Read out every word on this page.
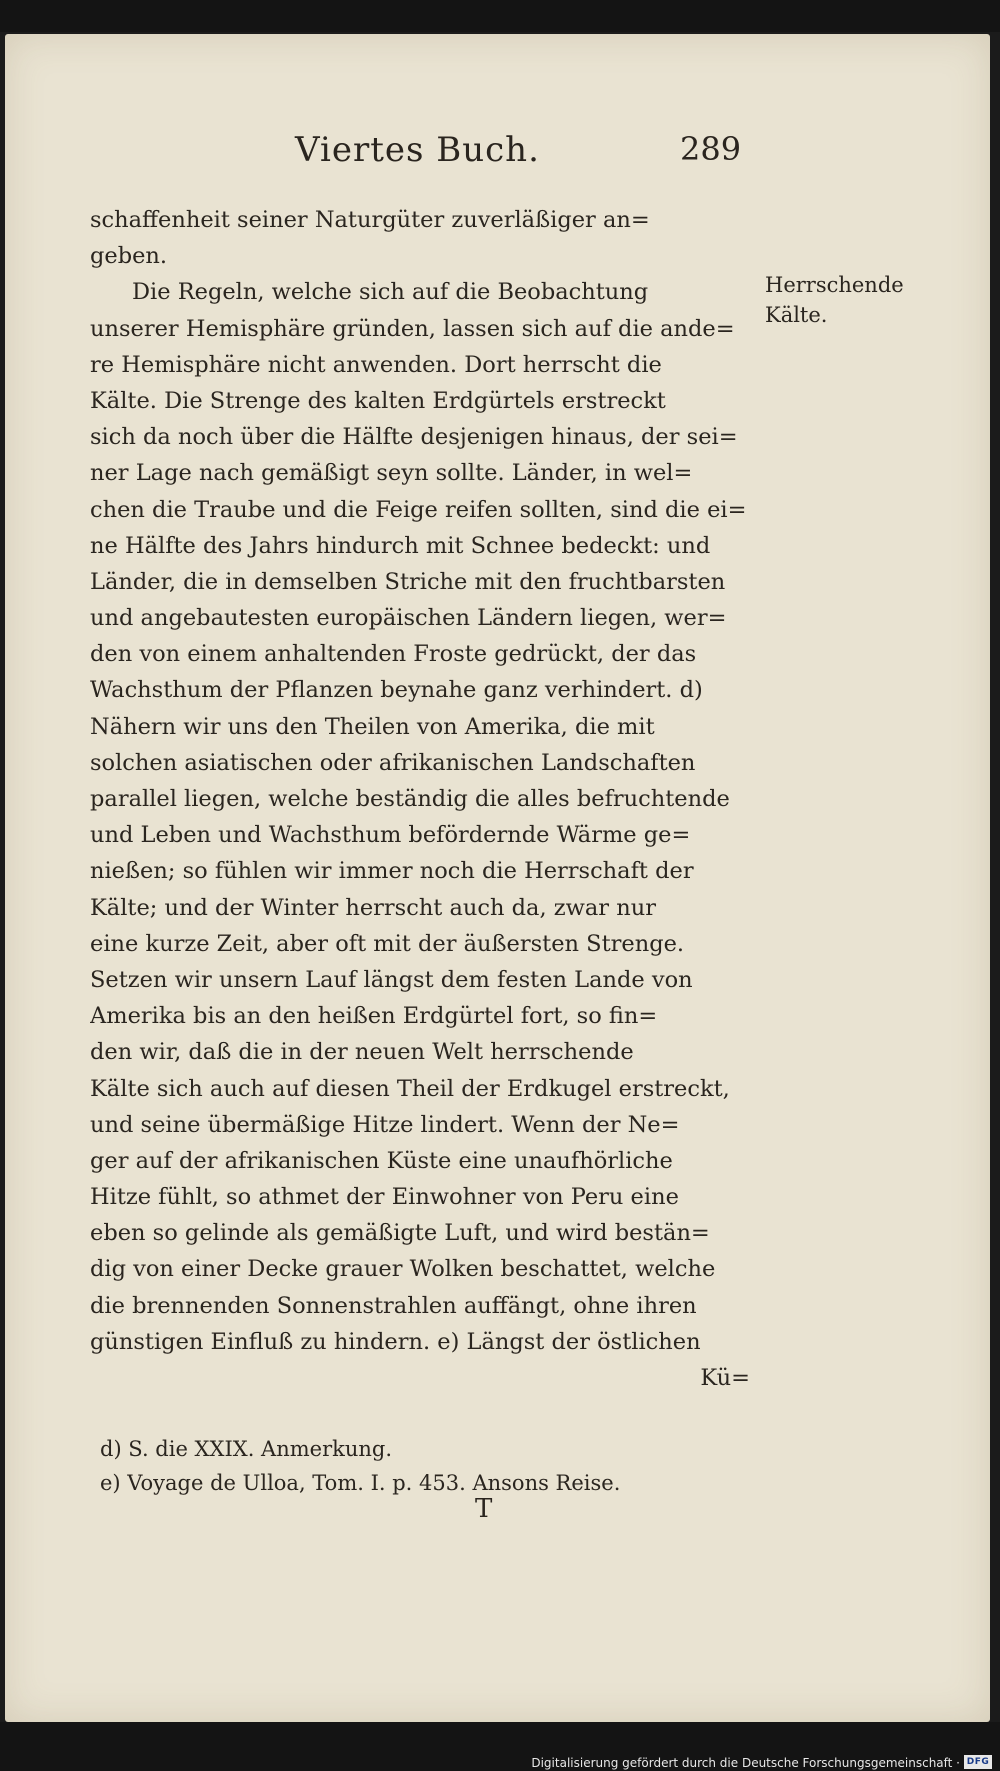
Viertes Buch.	289
schaffenheit seiner Naturgüter zuverläßiger an=
geben.
Die Regeln, welche sich auf die Beobachtung
unserer Hemisphäre gründen, lassen sich auf die ande=
re Hemisphäre nicht anwenden. Dort herrscht die
Kälte. Die Strenge des kalten Erdgürtels erstreckt
sich da noch über die Hälfte desjenigen hinaus, der sei=
ner Lage nach gemäßigt seyn sollte. Länder, in wel=
chen die Traube und die Feige reifen sollten, sind die ei=
ne Hälfte des Jahrs hindurch mit Schnee bedeckt: und
Länder, die in demselben Striche mit den fruchtbarsten
und angebautesten europäischen Ländern liegen, wer=
den von einem anhaltenden Froste gedrückt, der das
Wachsthum der Pflanzen beynahe ganz verhindert. d)
Nähern wir uns den Theilen von Amerika, die mit
solchen asiatischen oder afrikanischen Landschaften
parallel liegen, welche beständig die alles befruchtende
und Leben und Wachsthum befördernde Wärme ge=
nießen; so fühlen wir immer noch die Herrschaft der
Kälte; und der Winter herrscht auch da, zwar nur
eine kurze Zeit, aber oft mit der äußersten Strenge.
Setzen wir unsern Lauf längst dem festen Lande von
Amerika bis an den heißen Erdgürtel fort, so fin=
den wir, daß die in der neuen Welt herrschende
Kälte sich auch auf diesen Theil der Erdkugel erstreckt,
und seine übermäßige Hitze lindert. Wenn der Ne=
ger auf der afrikanischen Küste eine unaufhörliche
Hitze fühlt, so athmet der Einwohner von Peru eine
eben so gelinde als gemäßigte Luft, und wird bestän=
dig von einer Decke grauer Wolken beschattet, welche
die brennenden Sonnenstrahlen auffängt, ohne ihren
günstigen Einfluß zu hindern. e) Längst der östlichen
Kü=
Herrschende
Kälte.
d) S. die XXIX. Anmerkung.
e) Voyage de Ulloa, Tom. I. p. 453. Ansons Reise.
T
Digitalisierung gefördert durch die Deutsche Forschungsgemeinschaft · DFG
